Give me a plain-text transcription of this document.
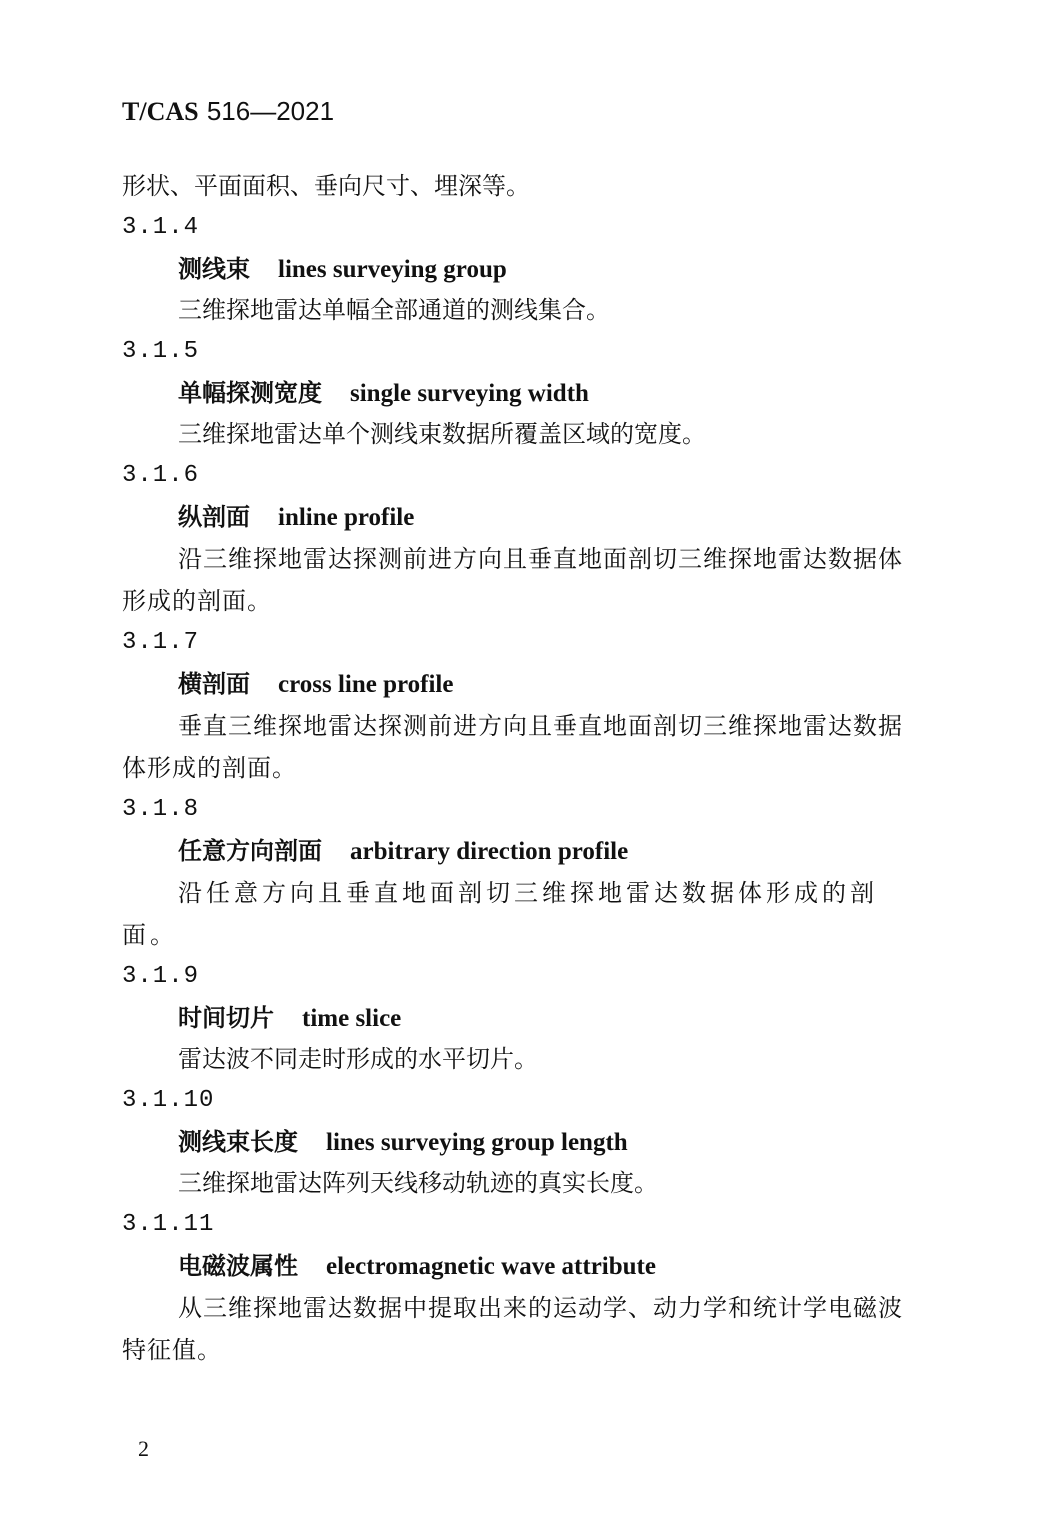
T/CAS 516—2021
形状、平面面积、垂向尺寸、埋深等。
3.1.4
测线束 lines surveying group
三维探地雷达单幅全部通道的测线集合。
3.1.5
单幅探测宽度 single surveying width
三维探地雷达单个测线束数据所覆盖区域的宽度。
3.1.6
纵剖面 inline profile
沿三维探地雷达探测前进方向且垂直地面剖切三维探地雷达数据体形成的剖面。
3.1.7
横剖面 cross line profile
垂直三维探地雷达探测前进方向且垂直地面剖切三维探地雷达数据体形成的剖面。
3.1.8
任意方向剖面 arbitrary direction profile
沿任意方向且垂直地面剖切三维探地雷达数据体形成的剖面。
3.1.9
时间切片 time slice
雷达波不同走时形成的水平切片。
3.1.10
测线束长度 lines surveying group length
三维探地雷达阵列天线移动轨迹的真实长度。
3.1.11
电磁波属性 electromagnetic wave attribute
从三维探地雷达数据中提取出来的运动学、动力学和统计学电磁波特征值。
2
